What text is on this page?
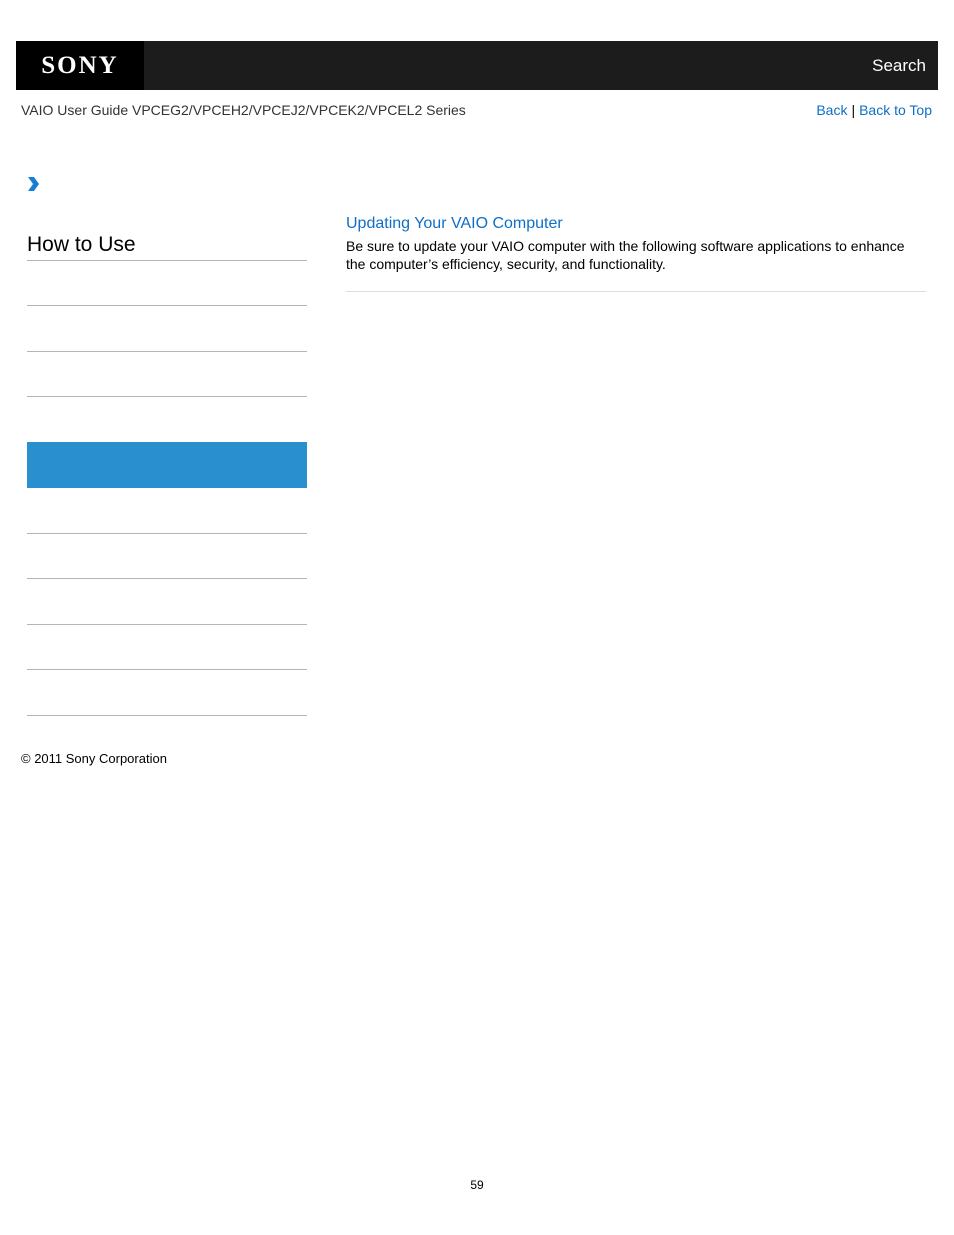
SONY	Search
VAIO User Guide VPCEG2/VPCEH2/VPCEJ2/VPCEK2/VPCEL2 Series	Back | Back to Top
How to Use
Updating Your VAIO Computer
Be sure to update your VAIO computer with the following software applications to enhance the computer’s efficiency, security, and functionality.
© 2011 Sony Corporation
59
